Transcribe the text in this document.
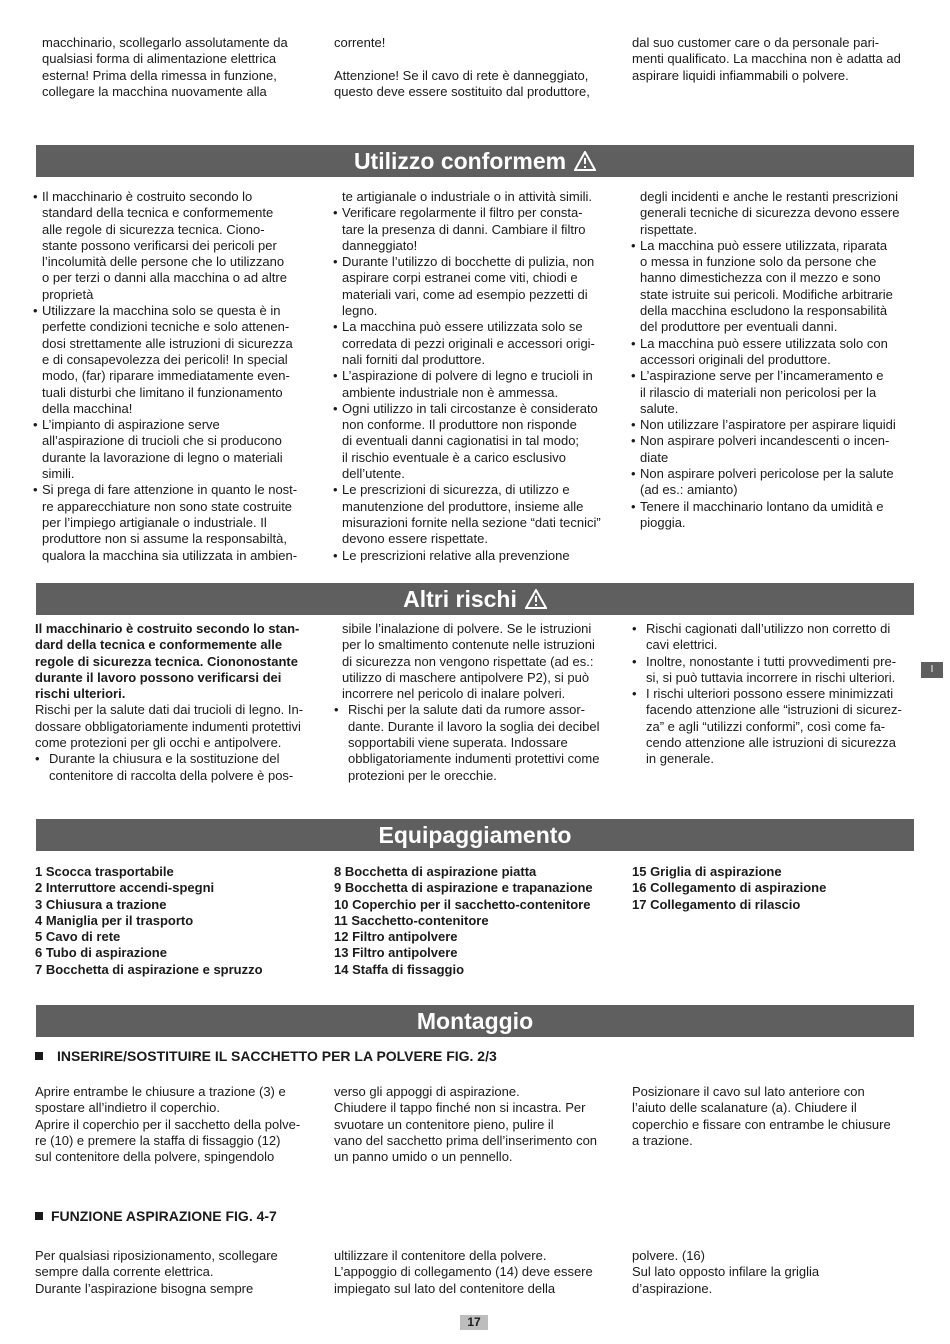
macchinario, scollegarlo assolutamente da
qualsiasi forma di alimentazione elettrica
esterna! Prima della rimessa in funzione,
collegare la macchina nuovamente alla
corrente!

Attenzione! Se il cavo di rete è danneggiato,
questo deve essere sostituito dal produttore,
dal suo customer care o da personale pari-
menti qualificato. La macchina non è adatta ad
aspirare liquidi infiammabili o polvere.
Utilizzo conformem
• Il macchinario è costruito secondo lo
standard della tecnica e conformemente
alle regole di sicurezza tecnica. Ciono-
stante possono verificarsi dei pericoli per
l’incolumità delle persone che lo utilizzano
o per terzi o danni alla macchina o ad altre
proprietà
• Utilizzare la macchina solo se questa è in
perfette condizioni tecniche e solo attenen-
dosi strettamente alle istruzioni di sicurezza
e di consapevolezza dei pericoli! In special
modo, (far) riparare immediatamente even-
tuali disturbi che limitano il funzionamento
della macchina!
• L’impianto di aspirazione serve
all’aspirazione di trucioli che si producono
durante la lavorazione di legno o materiali
simili.
• Si prega di fare attenzione in quanto le nost-
re apparecchiature non sono state costruite
per l’impiego artigianale o industriale. Il
produttore non si assume la responsabiltà,
qualora la macchina sia utilizzata in ambien-
te artigianale o industriale o in attività simili.
• Verificare regolarmente il filtro per consta-
tare la presenza di danni. Cambiare il filtro
danneggiato!
• Durante l’utilizzo di bocchette di pulizia, non
aspirare corpi estranei come viti, chiodi e
materiali vari, come ad esempio pezzetti di
legno.
• La macchina può essere utilizzata solo se
corredata di pezzi originali e accessori origi-
nali forniti dal produttore.
• L’aspirazione di polvere di legno e trucioli in
ambiente industriale non è ammessa.
• Ogni utilizzo in tali circostanze è considerato
non conforme. Il produttore non risponde
di eventuali danni cagionatisi in tal modo;
il rischio eventuale è a carico esclusivo
dell’utente.
• Le prescrizioni di sicurezza, di utilizzo e
manutenzione del produttore, insieme alle
misurazioni fornite nella sezione “dati tecnici”
devono essere rispettate.
• Le prescrizioni relative alla prevenzione
degli incidenti e anche le restanti prescrizioni
generali tecniche di sicurezza devono essere
rispettate.
• La macchina può essere utilizzata, riparata
o messa in funzione solo da persone che
hanno dimestichezza con il mezzo e sono
state istruite sui pericoli. Modifiche arbitrarie
della macchina escludono la responsabilità
del produttore per eventuali danni.
• La macchina può essere utilizzata solo con
accessori originali del produttore.
• L’aspirazione serve per l’incameramento e
il rilascio di materiali non pericolosi per la
salute.
• Non utilizzare l’aspiratore per aspirare liquidi
• Non aspirare polveri incandescenti o incen-
diate
• Non aspirare polveri pericolose per la salute
(ad es.: amianto)
• Tenere il macchinario lontano da umidità e
pioggia.
Altri rischi
Il macchinario è costruito secondo lo stan-
dard della tecnica e conformemente alle
regole di sicurezza tecnica. Ciononostante
durante il lavoro possono verificarsi dei
rischi ulteriori.
Rischi per la salute dati dai trucioli di legno. In-
dossare obbligatoriamente indumenti protettivi
come protezioni per gli occhi e antipolvere.
• Durante la chiusura e la sostituzione del
contenitore di raccolta della polvere è pos-
sibile l’inalazione di polvere. Se le istruzioni
per lo smaltimento contenute nelle istruzioni
di sicurezza non vengono rispettate (ad es.:
utilizzo di maschere antipolvere P2), si può
incorrere nel pericolo di inalare polveri.
• Rischi per la salute dati da rumore assor-
dante. Durante il lavoro la soglia dei decibel
sopportabili viene superata. Indossare
obbligatoriamente indumenti protettivi come
protezioni per le orecchie.
• Rischi cagionati dall’utilizzo non corretto di
cavi elettrici.
• Inoltre, nonostante i tutti provvedimenti pre-
si, si può tuttavia incorrere in rischi ulteriori.
• I rischi ulteriori possono essere minimizzati
facendo attenzione alle “istruzioni di sicurez-
za” e agli “utilizzi conformi”, così come fa-
cendo attenzione alle istruzioni di sicurezza
in generale.
I
Equipaggiamento
1 Scocca trasportabile
2 Interruttore accendi-spegni
3 Chiusura a trazione
4 Maniglia per il trasporto
5 Cavo di rete
6 Tubo di aspirazione
7 Bocchetta di aspirazione e spruzzo
8 Bocchetta di aspirazione piatta
9 Bocchetta di aspirazione e trapanazione
10 Coperchio per il sacchetto-contenitore
11 Sacchetto-contenitore
12 Filtro antipolvere
13 Filtro antipolvere
14 Staffa di fissaggio
15 Griglia di aspirazione
16 Collegamento di aspirazione
17 Collegamento di rilascio
Montaggio
INSERIRE/SOSTITUIRE IL SACCHETTO PER LA POLVERE FIG. 2/3
Aprire entrambe le chiusure a trazione (3) e
spostare all’indietro il coperchio.
Aprire il coperchio per il sacchetto della polve-
re (10) e premere la staffa di fissaggio (12)
sul contenitore della polvere, spingendolo
verso gli appoggi di aspirazione.
Chiudere il tappo finché non si incastra. Per
svuotare un contenitore pieno, pulire il
vano del sacchetto prima dell’inserimento con
un panno umido o un pennello.
Posizionare il cavo sul lato anteriore con
l’aiuto delle scalanature (a). Chiudere il
coperchio e fissare con entrambe le chiusure
a trazione.
FUNZIONE ASPIRAZIONE FIG. 4-7
Per qualsiasi riposizionamento, scollegare
sempre dalla corrente elettrica.
Durante l’aspirazione bisogna sempre
ultilizzare il contenitore della polvere.
L’appoggio di collegamento (14) deve essere
impiegato sul lato del contenitore della
polvere. (16)
Sul lato opposto infilare la griglia
d’aspirazione.
17
